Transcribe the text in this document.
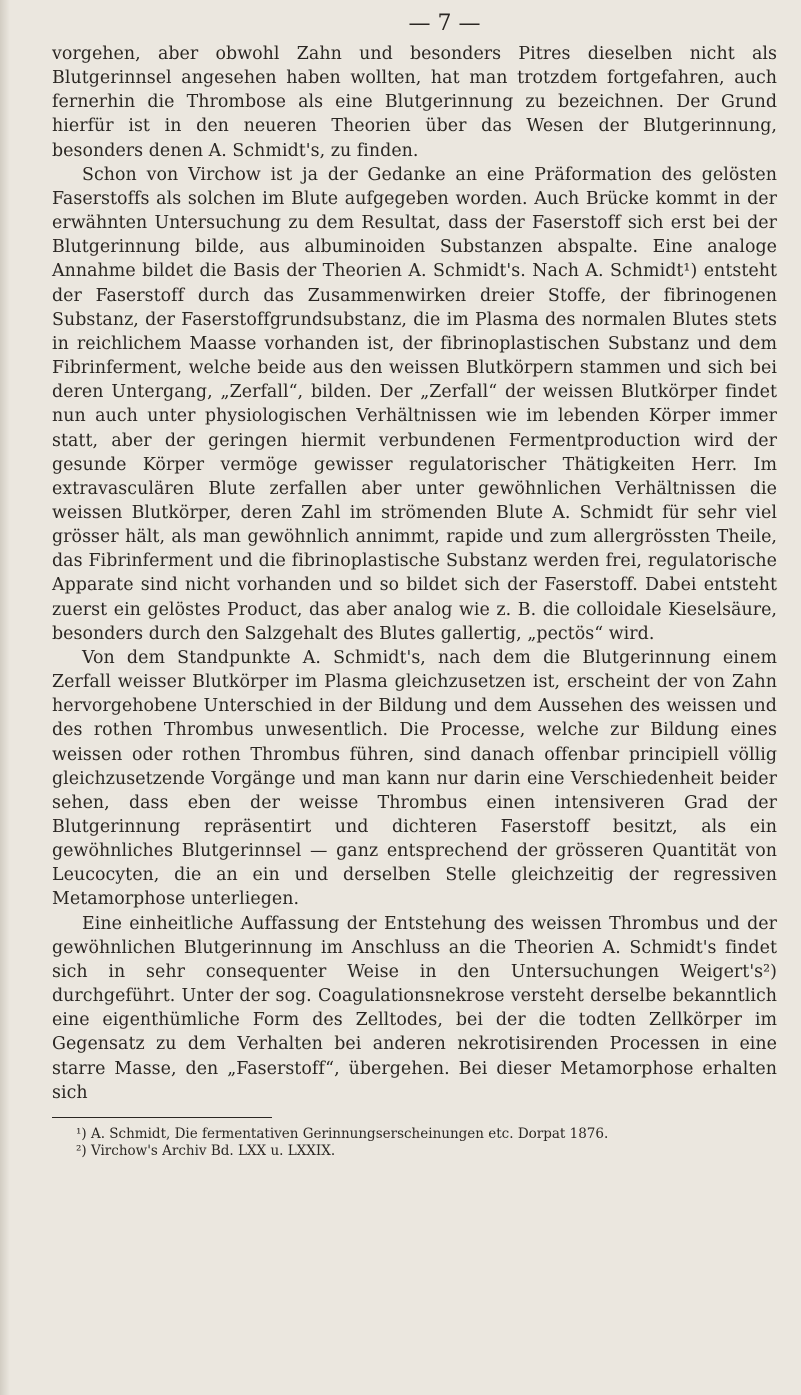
— 7 —

vorgehen, aber obwohl Zahn und besonders Pitres dieselben nicht als Blutgerinnsel angesehen haben wollten, hat man trotzdem fortgefahren, auch fernerhin die Thrombose als eine Blutgerinnung zu bezeichnen. Der Grund hierfür ist in den neueren Theorien über das Wesen der Blutgerinnung, besonders denen A. Schmidt's, zu finden.

Schon von Virchow ist ja der Gedanke an eine Präformation des gelösten Faserstoffs als solchen im Blute aufgegeben worden. Auch Brücke kommt in der erwähnten Untersuchung zu dem Resultat, dass der Faserstoff sich erst bei der Blutgerinnung bilde, aus albuminoiden Substanzen abspalte. Eine analoge Annahme bildet die Basis der Theorien A. Schmidt's. Nach A. Schmidt¹) entsteht der Faserstoff durch das Zusammenwirken dreier Stoffe, der fibrinogenen Substanz, der Faserstoffgrundsubstanz, die im Plasma des normalen Blutes stets in reichlichem Maasse vorhanden ist, der fibrinoplastischen Substanz und dem Fibrinferment, welche beide aus den weissen Blutkörpern stammen und sich bei deren Untergang, „Zerfall“, bilden. Der „Zerfall“ der weissen Blutkörper findet nun auch unter physiologischen Verhältnissen wie im lebenden Körper immer statt, aber der geringen hiermit verbundenen Fermentproduction wird der gesunde Körper vermöge gewisser regulatorischer Thätigkeiten Herr. Im extravasculären Blute zerfallen aber unter gewöhnlichen Verhältnissen die weissen Blutkörper, deren Zahl im strömenden Blute A. Schmidt für sehr viel grösser hält, als man gewöhnlich annimmt, rapide und zum allergrössten Theile, das Fibrinferment und die fibrinoplastische Substanz werden frei, regulatorische Apparate sind nicht vorhanden und so bildet sich der Faserstoff. Dabei entsteht zuerst ein gelöstes Product, das aber analog wie z. B. die colloidale Kieselsäure, besonders durch den Salzgehalt des Blutes gallertig, „pectös“ wird.

Von dem Standpunkte A. Schmidt's, nach dem die Blutgerinnung einem Zerfall weisser Blutkörper im Plasma gleichzusetzen ist, erscheint der von Zahn hervorgehobene Unterschied in der Bildung und dem Aussehen des weissen und des rothen Thrombus unwesentlich. Die Processe, welche zur Bildung eines weissen oder rothen Thrombus führen, sind danach offenbar principiell völlig gleichzusetzende Vorgänge und man kann nur darin eine Verschiedenheit beider sehen, dass eben der weisse Thrombus einen intensiveren Grad der Blutgerinnung repräsentirt und dichteren Faserstoff besitzt, als ein gewöhnliches Blutgerinnsel — ganz entsprechend der grösseren Quantität von Leucocyten, die an ein und derselben Stelle gleichzeitig der regressiven Metamorphose unterliegen.

Eine einheitliche Auffassung der Entstehung des weissen Thrombus und der gewöhnlichen Blutgerinnung im Anschluss an die Theorien A. Schmidt's findet sich in sehr consequenter Weise in den Untersuchungen Weigert's²) durchgeführt. Unter der sog. Coagulationsnekrose versteht derselbe bekanntlich eine eigenthümliche Form des Zelltodes, bei der die todten Zellkörper im Gegensatz zu dem Verhalten bei anderen nekrotisirenden Processen in eine starre Masse, den „Faserstoff“, übergehen. Bei dieser Metamorphose erhalten sich

¹) A. Schmidt, Die fermentativen Gerinnungserscheinungen etc. Dorpat 1876.

²) Virchow's Archiv Bd. LXX u. LXXIX.
